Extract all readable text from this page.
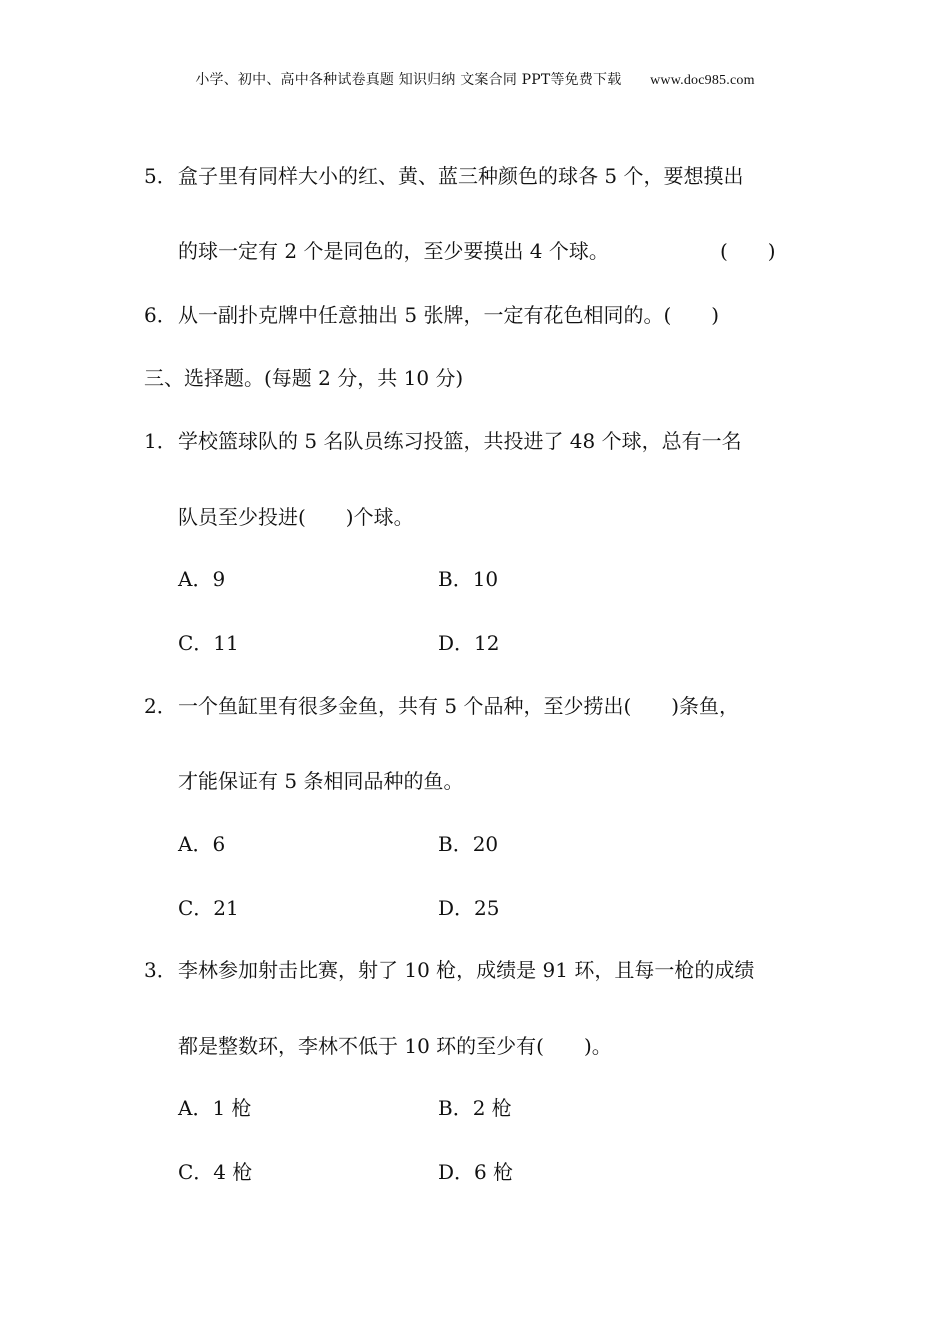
小学、初中、高中各种试卷真题 知识归纳 文案合同 PPT等免费下载 www.doc985.com
5． 盒子里有同样大小的红、黄、蓝三种颜色的球各 5 个，要想摸出
的球一定有 2 个是同色的，至少要摸出 4 个球。	(　　)
6． 从一副扑克牌中任意抽出 5 张牌，一定有花色相同的。(　　)
三、选择题。(每题 2 分，共 10 分)
1． 学校篮球队的 5 名队员练习投篮，共投进了 48 个球，总有一名
队员至少投进(　　)个球。
A．9	B．10
C．11	D．12
2． 一个鱼缸里有很多金鱼，共有 5 个品种，至少捞出(　　)条鱼，
才能保证有 5 条相同品种的鱼。
A．6	B．20
C．21	D．25
3． 李林参加射击比赛，射了 10 枪，成绩是 91 环，且每一枪的成绩
都是整数环，李林不低于 10 环的至少有(　　)。
A．1 枪	B．2 枪
C．4 枪	D．6 枪
